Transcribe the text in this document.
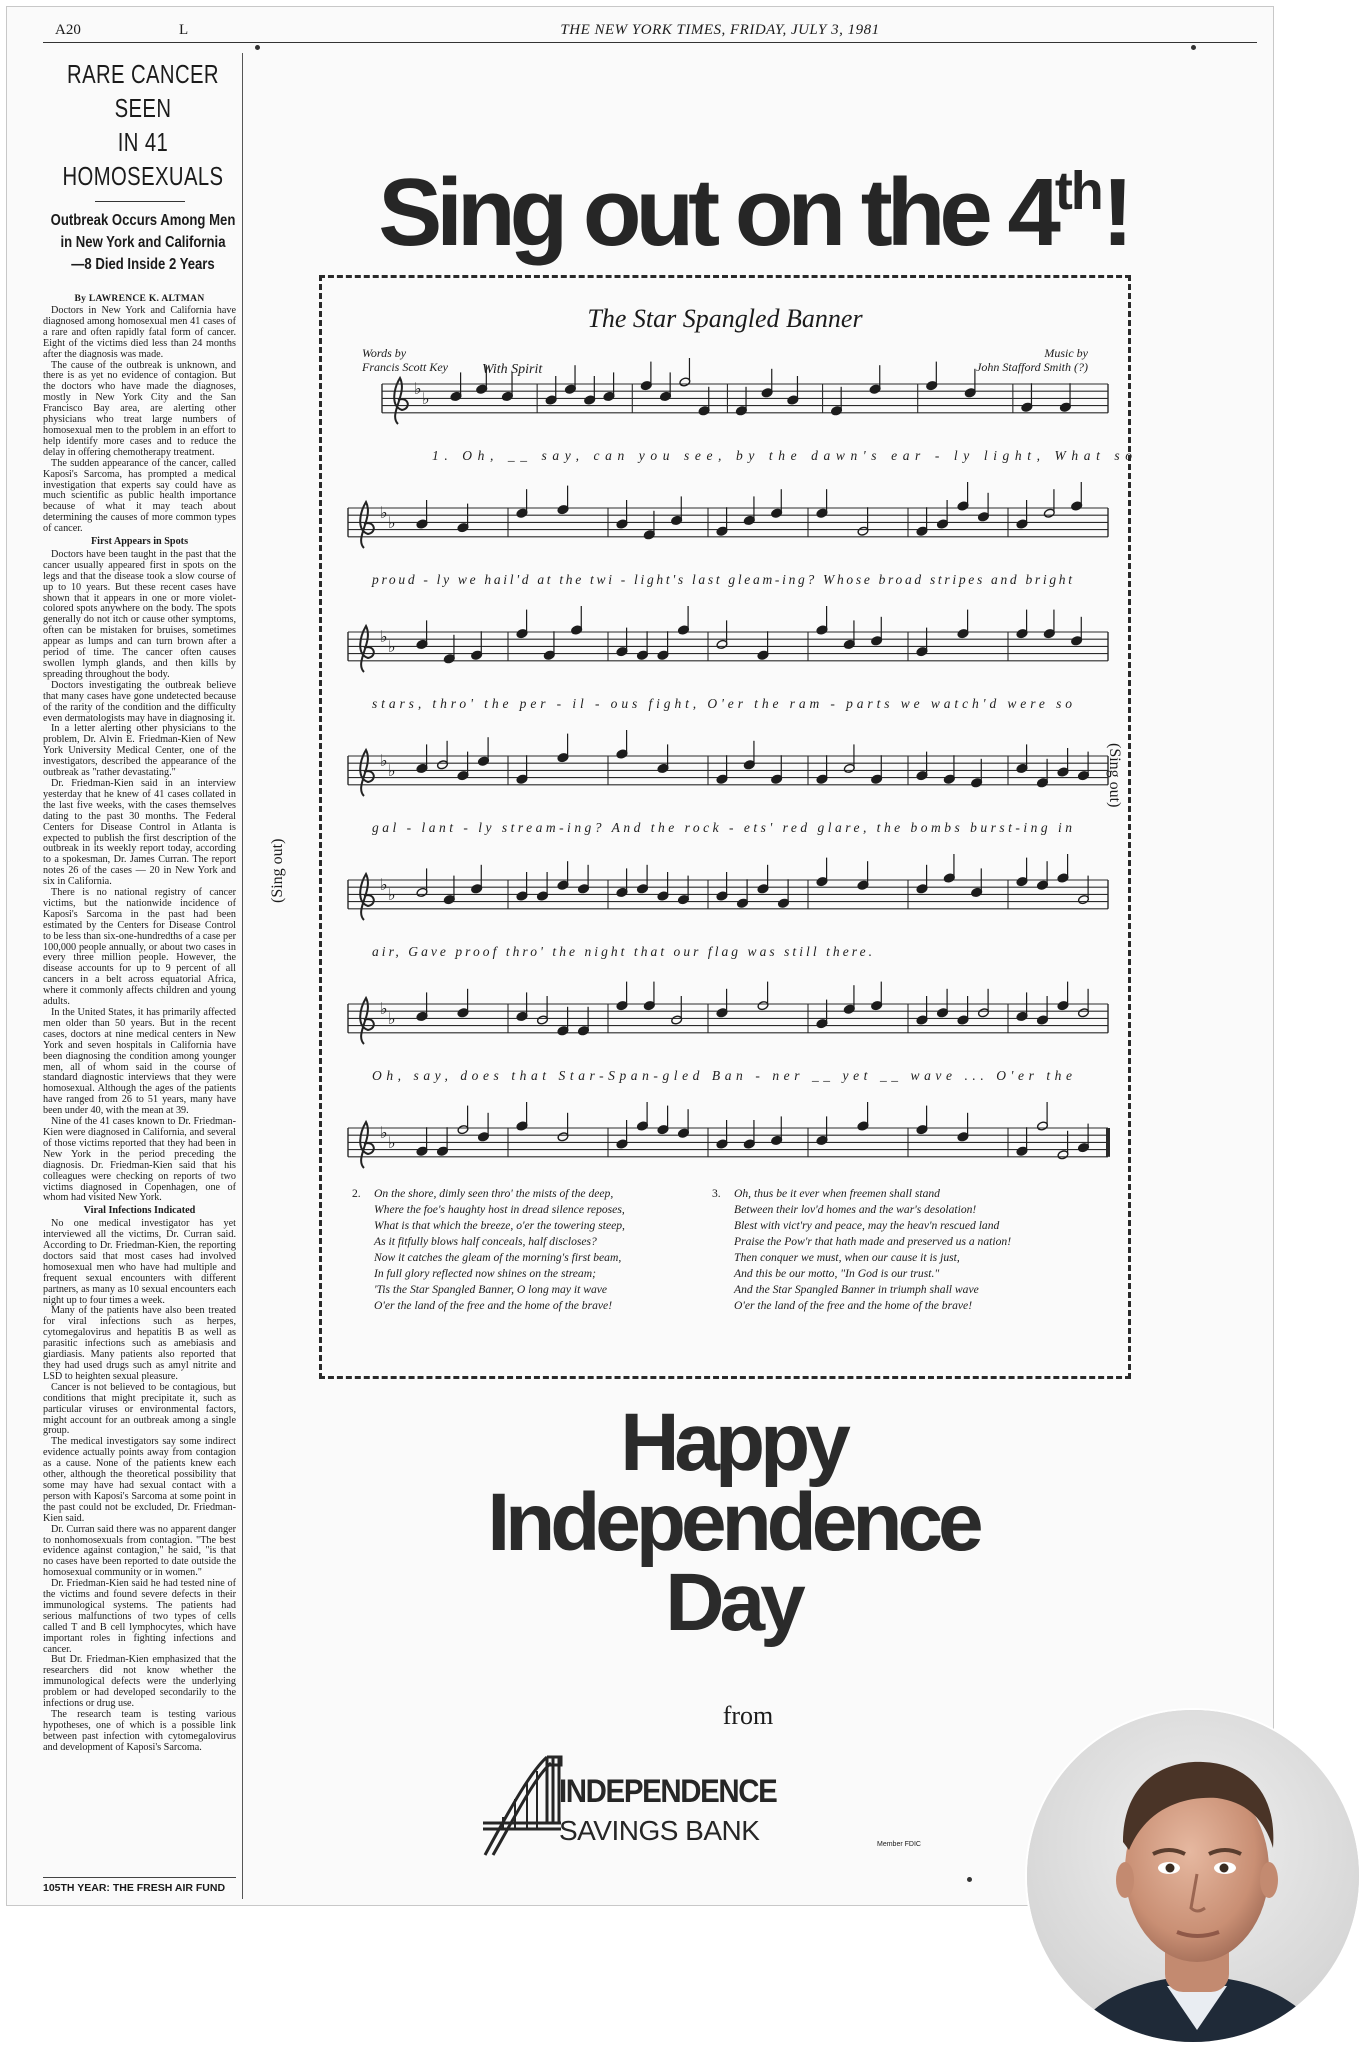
A20	L	THE NEW YORK TIMES, FRIDAY, JULY 3, 1981
RARE CANCER SEEN
IN 41 HOMOSEXUALS
Outbreak Occurs Among Men
in New York and California
—8 Died Inside 2 Years
By LAWRENCE K. ALTMAN

Doctors in New York and California have diagnosed among homosexual men 41 cases of a rare and often rapidly fatal form of cancer. Eight of the victims died less than 24 months after the diagnosis was made.

The cause of the outbreak is unknown, and there is as yet no evidence of contagion. But the doctors who have made the diagnoses, mostly in New York City and the San Francisco Bay area, are alerting other physicians who treat large numbers of homosexual men to the problem in an effort to help identify more cases and to reduce the delay in offering chemotherapy treatment.

The sudden appearance of the cancer, called Kaposi's Sarcoma, has prompted a medical investigation that experts say could have as much scientific as public health importance because of what it may teach about determining the causes of more common types of cancer.

First Appears in Spots

Doctors have been taught in the past that the cancer usually appeared first in spots on the legs and that the disease took a slow course of up to 10 years. But these recent cases have shown that it appears in one or more violet-colored spots anywhere on the body. The spots generally do not itch or cause other symptoms, often can be mistaken for bruises, sometimes appear as lumps and can turn brown after a period of time. The cancer often causes swollen lymph glands, and then kills by spreading throughout the body.

Doctors investigating the outbreak believe that many cases have gone undetected because of the rarity of the condition and the difficulty even dermatologists may have in diagnosing it.

In a letter alerting other physicians to the problem, Dr. Alvin E. Friedman-Kien of New York University Medical Center, one of the investigators, described the appearance of the outbreak as "rather devastating."

Dr. Friedman-Kien said in an interview yesterday that he knew of 41 cases collated in the last five weeks, with the cases themselves dating to the past 30 months. The Federal Centers for Disease Control in Atlanta is expected to publish the first description of the outbreak in its weekly report today, according to a spokesman, Dr. James Curran. The report notes 26 of the cases — 20 in New York and six in California.

There is no national registry of cancer victims, but the nationwide incidence of Kaposi's Sarcoma in the past had been estimated by the Centers for Disease Control to be less than six-one-hundredths of a case per 100,000 people annually, or about two cases in every three million people. However, the disease accounts for up to 9 percent of all cancers in a belt across equatorial Africa, where it commonly affects children and young adults.

In the United States, it has primarily affected men older than 50 years. But in the recent cases, doctors at nine medical centers in New York and seven hospitals in California have been diagnosing the condition among younger men, all of whom said in the course of standard diagnostic interviews that they were homosexual. Although the ages of the patients have ranged from 26 to 51 years, many have been under 40, with the mean at 39.

Nine of the 41 cases known to Dr. Friedman-Kien were diagnosed in California, and several of those victims reported that they had been in New York in the period preceding the diagnosis. Dr. Friedman-Kien said that his colleagues were checking on reports of two victims diagnosed in Copenhagen, one of whom had visited New York.

Viral Infections Indicated

No one medical investigator has yet interviewed all the victims, Dr. Curran said. According to Dr. Friedman-Kien, the reporting doctors said that most cases had involved homosexual men who have had multiple and frequent sexual encounters with different partners, as many as 10 sexual encounters each night up to four times a week.

Many of the patients have also been treated for viral infections such as herpes, cytomegalovirus and hepatitis B as well as parasitic infections such as amebiasis and giardiasis. Many patients also reported that they had used drugs such as amyl nitrite and LSD to heighten sexual pleasure.

Cancer is not believed to be contagious, but conditions that might precipitate it, such as particular viruses or environmental factors, might account for an outbreak among a single group.

The medical investigators say some indirect evidence actually points away from contagion as a cause. None of the patients knew each other, although the theoretical possibility that some may have had sexual contact with a person with Kaposi's Sarcoma at some point in the past could not be excluded, Dr. Friedman-Kien said.

Dr. Curran said there was no apparent danger to nonhomosexuals from contagion. "The best evidence against contagion," he said, "is that no cases have been reported to date outside the homosexual community or in women."

Dr. Friedman-Kien said he had tested nine of the victims and found severe defects in their immunological systems. The patients had serious malfunctions of two types of cells called T and B cell lymphocytes, which have important roles in fighting infections and cancer.

But Dr. Friedman-Kien emphasized that the researchers did not know whether the immunological defects were the underlying problem or had developed secondarily to the infections or drug use.

The research team is testing various hypotheses, one of which is a possible link between past infection with cytomegalovirus and development of Kaposi's Sarcoma.

105TH YEAR: THE FRESH AIR FUND
Sing out on the 4th!
(Sing out)
(Sing out)
The Star Spangled Banner
Words by
Francis Scott Key
Music by
John Stafford Smith (?)
With Spirit
♭
♭
1. Oh, __ say, can you see, by the dawn's ear - ly light, What so
♭
♭
proud - ly we hail'd at the twi - light's last gleam-ing? Whose broad stripes and bright
♭
♭
stars, thro' the per - il - ous fight, O'er the ram - parts we watch'd were so
♭
♭
gal - lant - ly stream-ing? And the rock - ets' red glare, the bombs burst-ing in
♭
♭
air, Gave proof thro' the night that our flag was still there.
♭
♭
Oh, say, does that Star-Span-gled Ban - ner __ yet __ wave ... O'er the
♭
♭
2. On the shore, dimly seen thro' the mists of the deep,
Where the foe's haughty host in dread silence reposes,
What is that which the breeze, o'er the towering steep,
As it fitfully blows half conceals, half discloses?
Now it catches the gleam of the morning's first beam,
In full glory reflected now shines on the stream;
'Tis the Star Spangled Banner, O long may it wave
O'er the land of the free and the home of the brave!
3. Oh, thus be it ever when freemen shall stand
Between their lov'd homes and the war's desolation!
Blest with vict'ry and peace, may the heav'n rescued land
Praise the Pow'r that hath made and preserved us a nation!
Then conquer we must, when our cause it is just,
And this be our motto, "In God is our trust."
And the Star Spangled Banner in triumph shall wave
O'er the land of the free and the home of the brave!
Happy
Independence
Day
from
INDEPENDENCE
SAVINGS BANK	Member FDIC
